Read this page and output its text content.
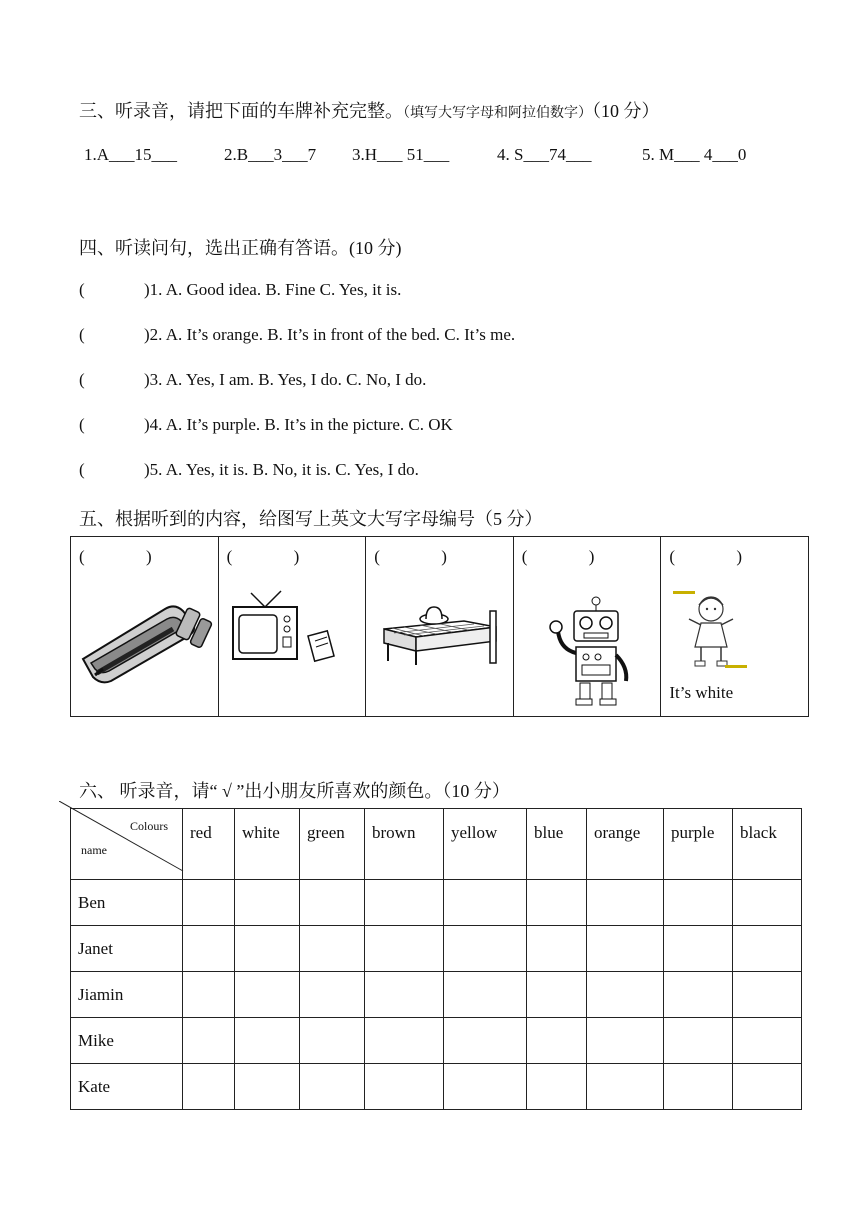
三、听录音，请把下面的车牌补充完整。（填写大写字母和阿拉伯数字）（10 分）
1.A___15___	2.B___3___7 3.H___ 51___	4. S___74___	5. M___ 4___0
四、听读问句，选出正确有答语。(10 分)
(	)1. A. Good idea. B. Fine C. Yes, it is.
(	)2. A. It’s orange. B. It’s in front of the bed. C. It’s me.
(	)3. A. Yes, I am. B. Yes, I do. C. No, I do.
(	)4. A. It’s purple. B. It’s in the picture. C. OK
(	)5. A. Yes, it is. B. No, it is. C. Yes, I do.
五、根据听到的内容，给图写上英文大写字母编号（5 分）
(	)	(	)	(	)	(	)	(	)
It’s white
六、 听录音，请“ √ ”出小朋友所喜欢的颜色。（10 分）
Colours
name	red	white	green	brown	yellow	blue	orange	purple	black
Ben									
Janet									
Jiamin									
Mike									
Kate									
